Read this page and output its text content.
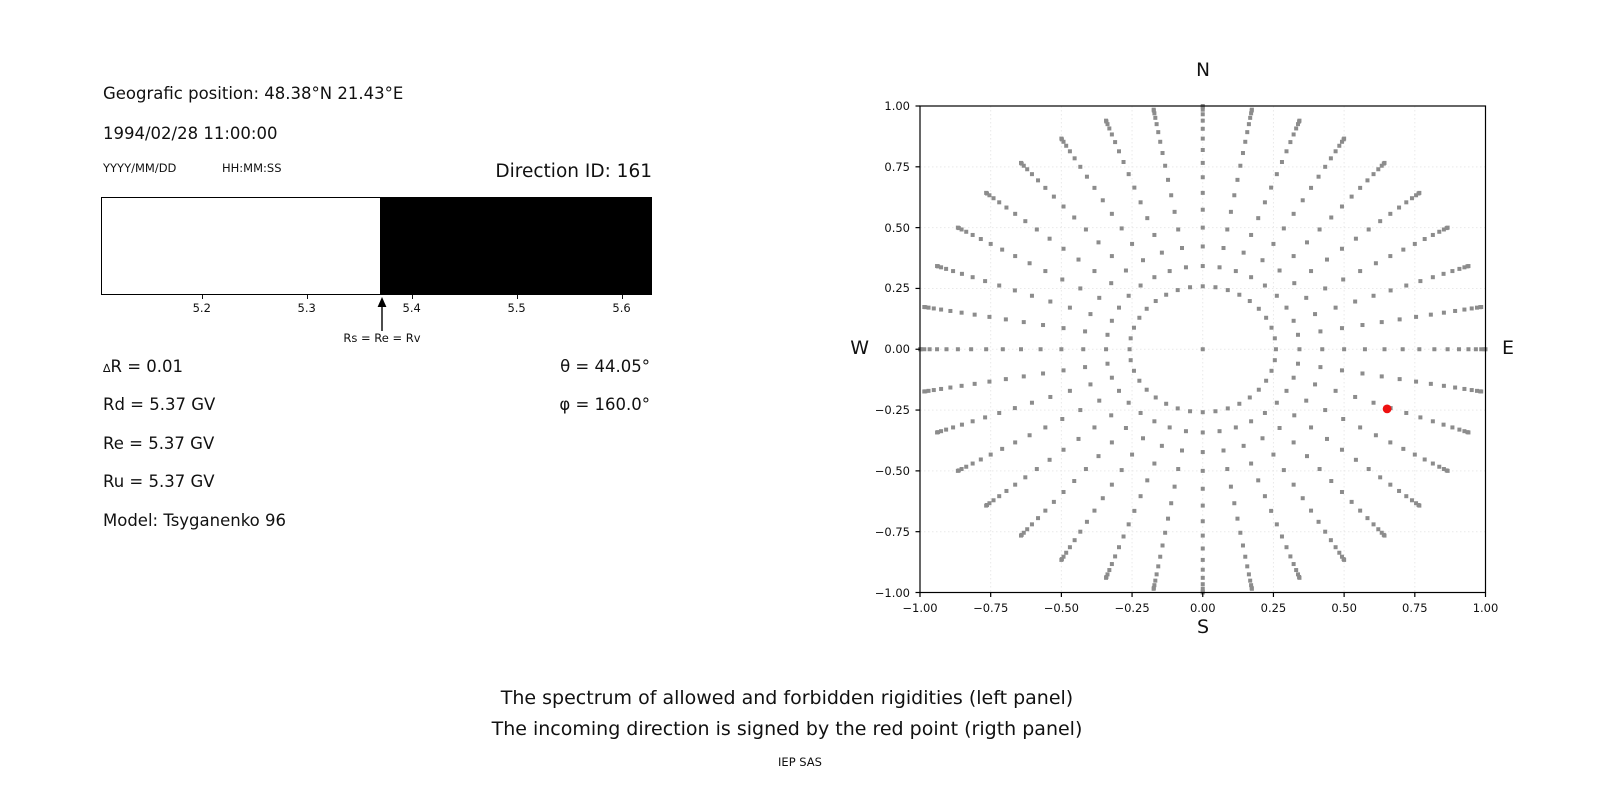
Geografic position: 48.38°N 21.43°E
1994/02/28 11:00:00
YYYY/MM/DD	HH:MM:SS	Direction ID: 161
5.2	5.3	5.4	5.5	5.6
Rs = Re = Rv
∆R = 0.01
Rd = 5.37 GV
Re = 5.37 GV
Ru = 5.37 GV
Model: Tsyganenko 96
θ = 44.05°
φ = 160.0°
−1.00	−0.75	−0.50	−0.25	0.00	0.25	0.50	0.75	1.00
−1.00
−0.75
−0.50
−0.25
0.00
0.25
0.50
0.75
1.00
N
S
W	E
The spectrum of allowed and forbidden rigidities (left panel)
The incoming direction is signed by the red point (rigth panel)
IEP SAS
